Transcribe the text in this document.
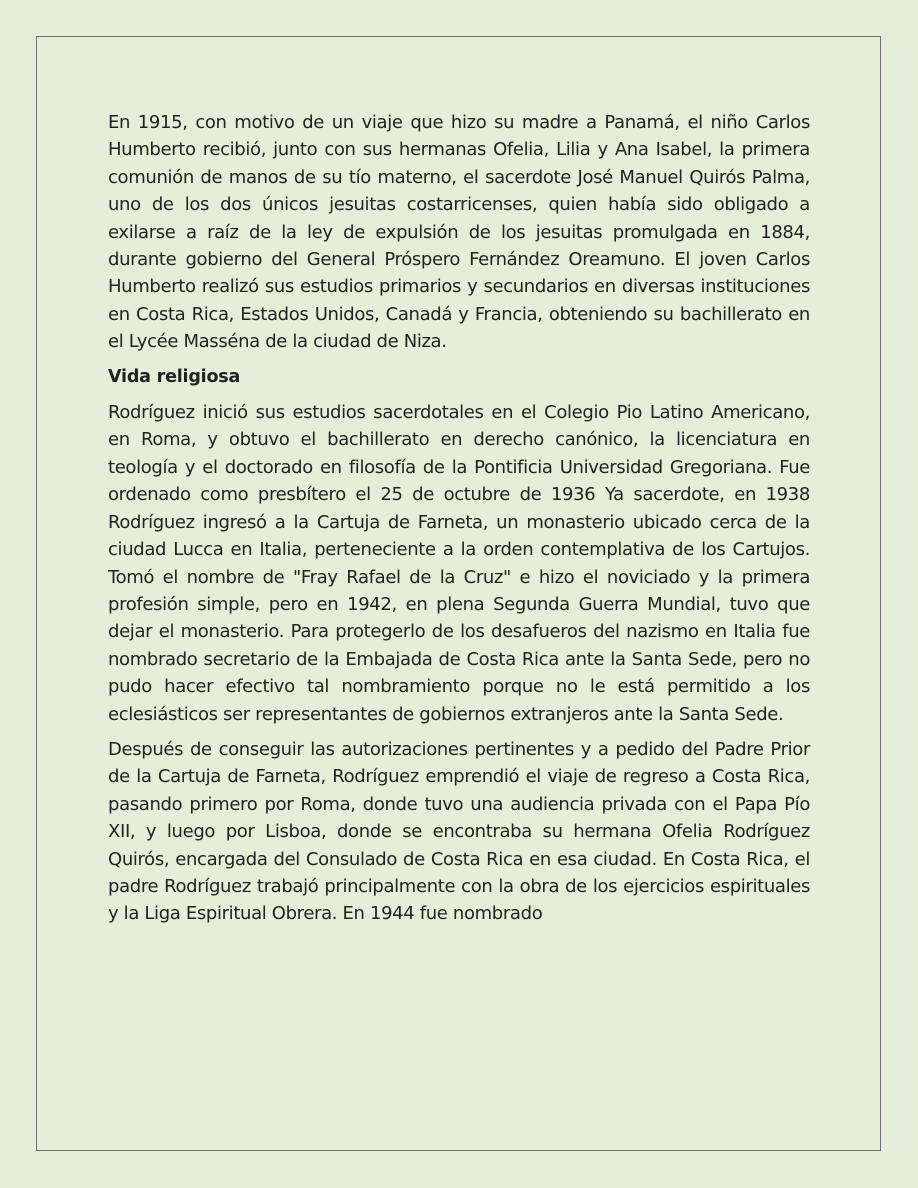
En 1915, con motivo de un viaje que hizo su madre a Panamá, el niño Carlos Humberto recibió, junto con sus hermanas Ofelia, Lilia y Ana Isabel, la primera comunión de manos de su tío materno, el sacerdote José Manuel Quirós Palma, uno de los dos únicos jesuitas costarricenses, quien había sido obligado a exilarse a raíz de la ley de expulsión de los jesuitas promulgada en 1884, durante gobierno del General Próspero Fernández Oreamuno. El joven Carlos Humberto realizó sus estudios primarios y secundarios en diversas instituciones en Costa Rica, Estados Unidos, Canadá y Francia, obteniendo su bachillerato en el Lycée Masséna de la ciudad de Niza.

Vida religiosa

Rodríguez inició sus estudios sacerdotales en el Colegio Pio Latino Americano, en Roma, y obtuvo el bachillerato en derecho canónico, la licenciatura en teología y el doctorado en filosofía de la Pontificia Universidad Gregoriana. Fue ordenado como presbítero el 25 de octubre de 1936 Ya sacerdote, en 1938 Rodríguez ingresó a la Cartuja de Farneta, un monasterio ubicado cerca de la ciudad Lucca en Italia, perteneciente a la orden contemplativa de los Cartujos. Tomó el nombre de "Fray Rafael de la Cruz" e hizo el noviciado y la primera profesión simple, pero en 1942, en plena Segunda Guerra Mundial, tuvo que dejar el monasterio. Para protegerlo de los desafueros del nazismo en Italia fue nombrado secretario de la Embajada de Costa Rica ante la Santa Sede, pero no pudo hacer efectivo tal nombramiento porque no le está permitido a los eclesiásticos ser representantes de gobiernos extranjeros ante la Santa Sede.

Después de conseguir las autorizaciones pertinentes y a pedido del Padre Prior de la Cartuja de Farneta, Rodríguez emprendió el viaje de regreso a Costa Rica, pasando primero por Roma, donde tuvo una audiencia privada con el Papa Pío XII, y luego por Lisboa, donde se encontraba su hermana Ofelia Rodríguez Quirós, encargada del Consulado de Costa Rica en esa ciudad. En Costa Rica, el padre Rodríguez trabajó principalmente con la obra de los ejercicios espirituales y la Liga Espiritual Obrera. En 1944 fue nombrado
